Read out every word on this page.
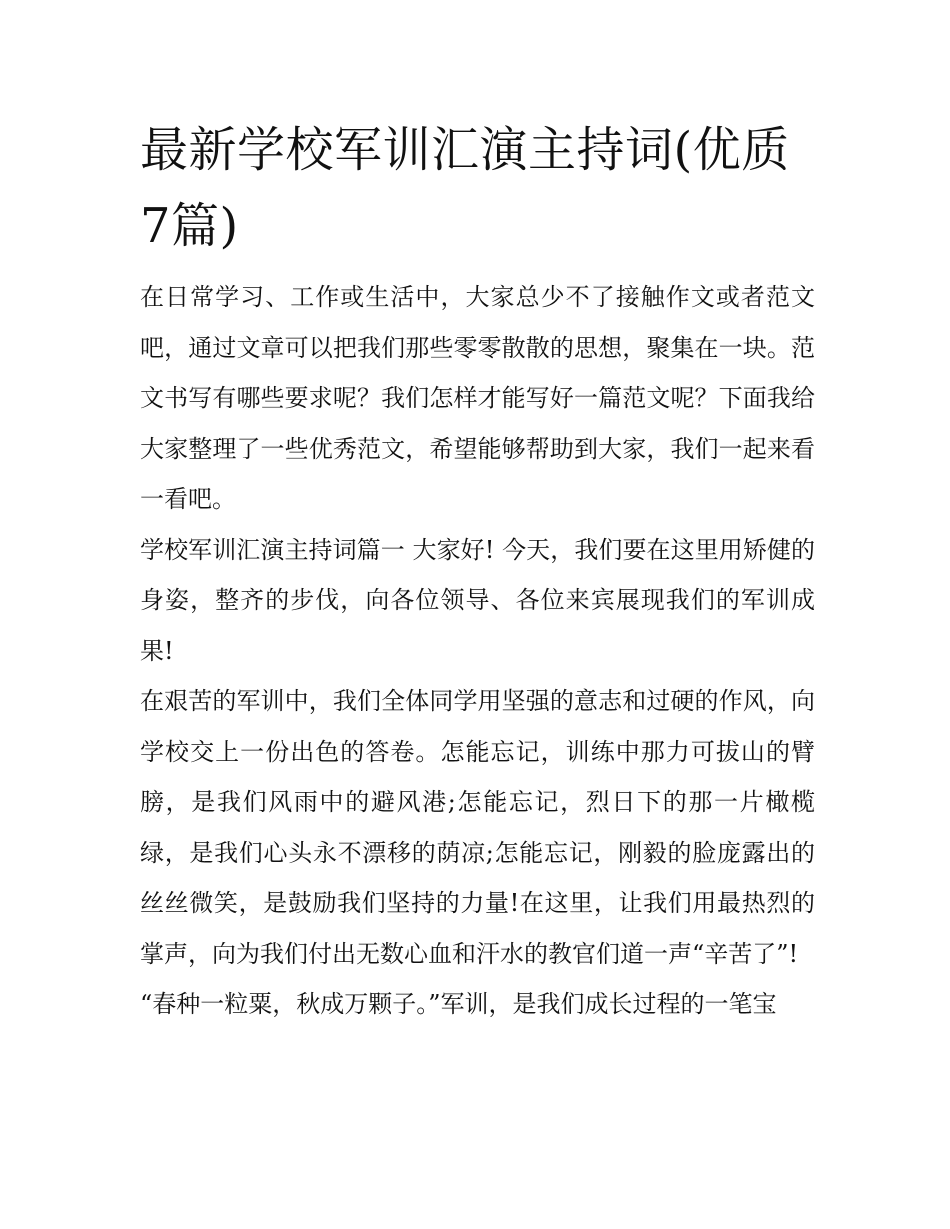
最新学校军训汇演主持词(优质7篇)

在日常学习、工作或生活中，大家总少不了接触作文或者范文吧，通过文章可以把我们那些零零散散的思想，聚集在一块。范文书写有哪些要求呢？我们怎样才能写好一篇范文呢？下面我给大家整理了一些优秀范文，希望能够帮助到大家，我们一起来看一看吧。

学校军训汇演主持词篇一 大家好! 今天，我们要在这里用矫健的身姿，整齐的步伐，向各位领导、各位来宾展现我们的军训成果!

在艰苦的军训中，我们全体同学用坚强的意志和过硬的作风，向学校交上一份出色的答卷。怎能忘记，训练中那力可拔山的臂膀，是我们风雨中的避风港;怎能忘记，烈日下的那一片橄榄绿，是我们心头永不漂移的荫凉;怎能忘记，刚毅的脸庞露出的丝丝微笑，是鼓励我们坚持的力量!在这里，让我们用最热烈的掌声，向为我们付出无数心血和汗水的教官们道一声“辛苦了”!

“春种一粒粟，秋成万颗子。”军训，是我们成长过程的一笔宝
